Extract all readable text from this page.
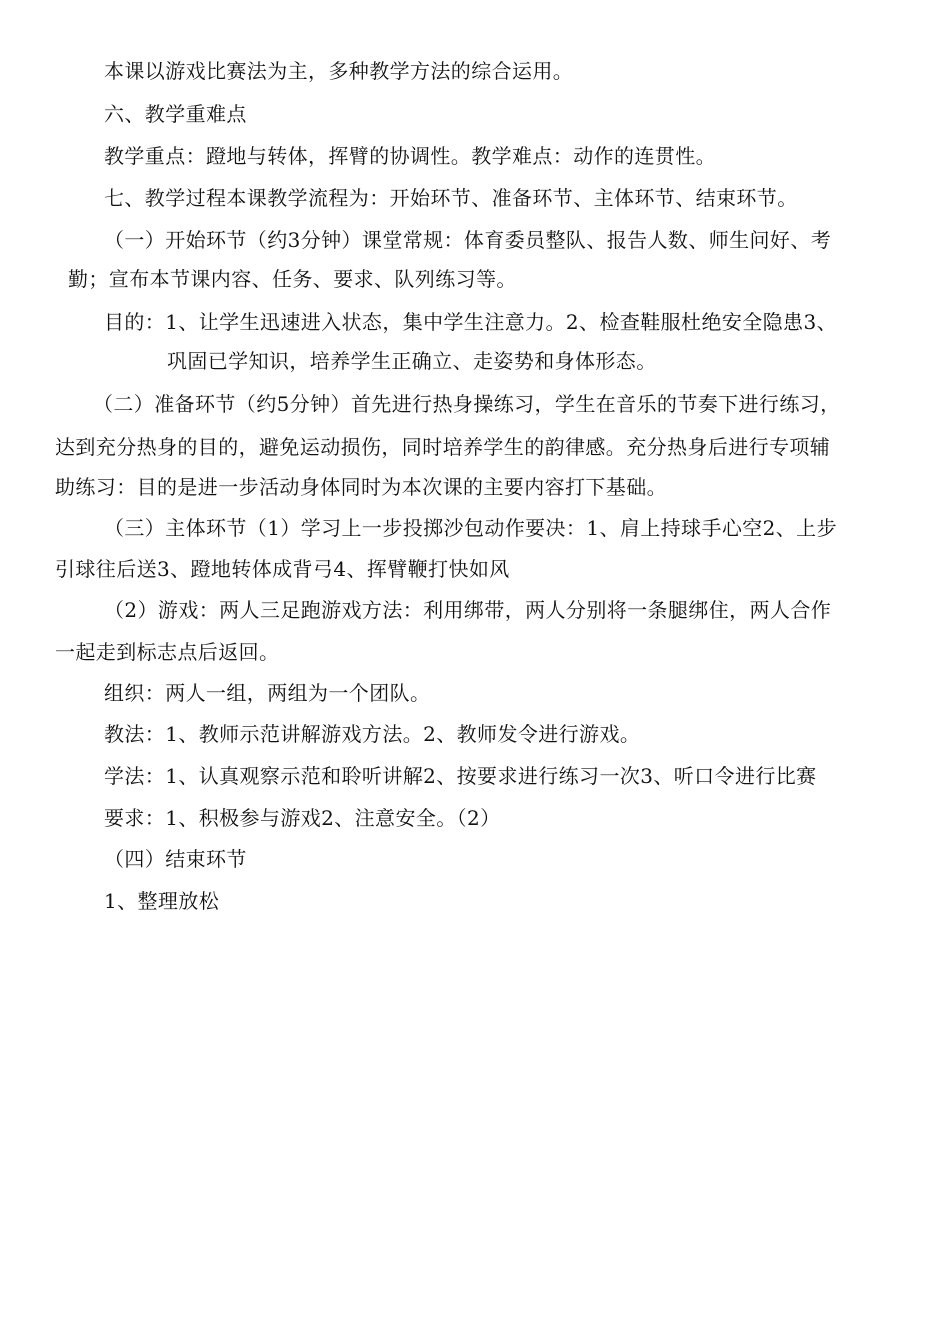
本课以游戏比赛法为主，多种教学方法的综合运用。
六、教学重难点
教学重点：蹬地与转体，挥臂的协调性。教学难点：动作的连贯性。
七、教学过程本课教学流程为：开始环节、准备环节、主体环节、结束环节。
（一）开始环节（约3分钟）课堂常规：体育委员整队、报告人数、师生问好、考
勤；宣布本节课内容、任务、要求、队列练习等。
目的：1、让学生迅速进入状态，集中学生注意力。2、检查鞋服杜绝安全隐患3、
巩固已学知识，培养学生正确立、走姿势和身体形态。
（二）准备环节（约5分钟）首先进行热身操练习，学生在音乐的节奏下进行练习，
达到充分热身的目的，避免运动损伤，同时培养学生的韵律感。充分热身后进行专项辅
助练习：目的是进一步活动身体同时为本次课的主要内容打下基础。
（三）主体环节（1）学习上一步投掷沙包动作要决：1、肩上持球手心空2、上步
引球往后送3、蹬地转体成背弓4、挥臂鞭打快如风
（2）游戏：两人三足跑游戏方法：利用绑带，两人分别将一条腿绑住，两人合作
一起走到标志点后返回。
组织：两人一组，两组为一个团队。
教法：1、教师示范讲解游戏方法。2、教师发令进行游戏。
学法：1、认真观察示范和聆听讲解2、按要求进行练习一次3、听口令进行比赛
要求：1、积极参与游戏2、注意安全。（2）
（四）结束环节
1、整理放松
